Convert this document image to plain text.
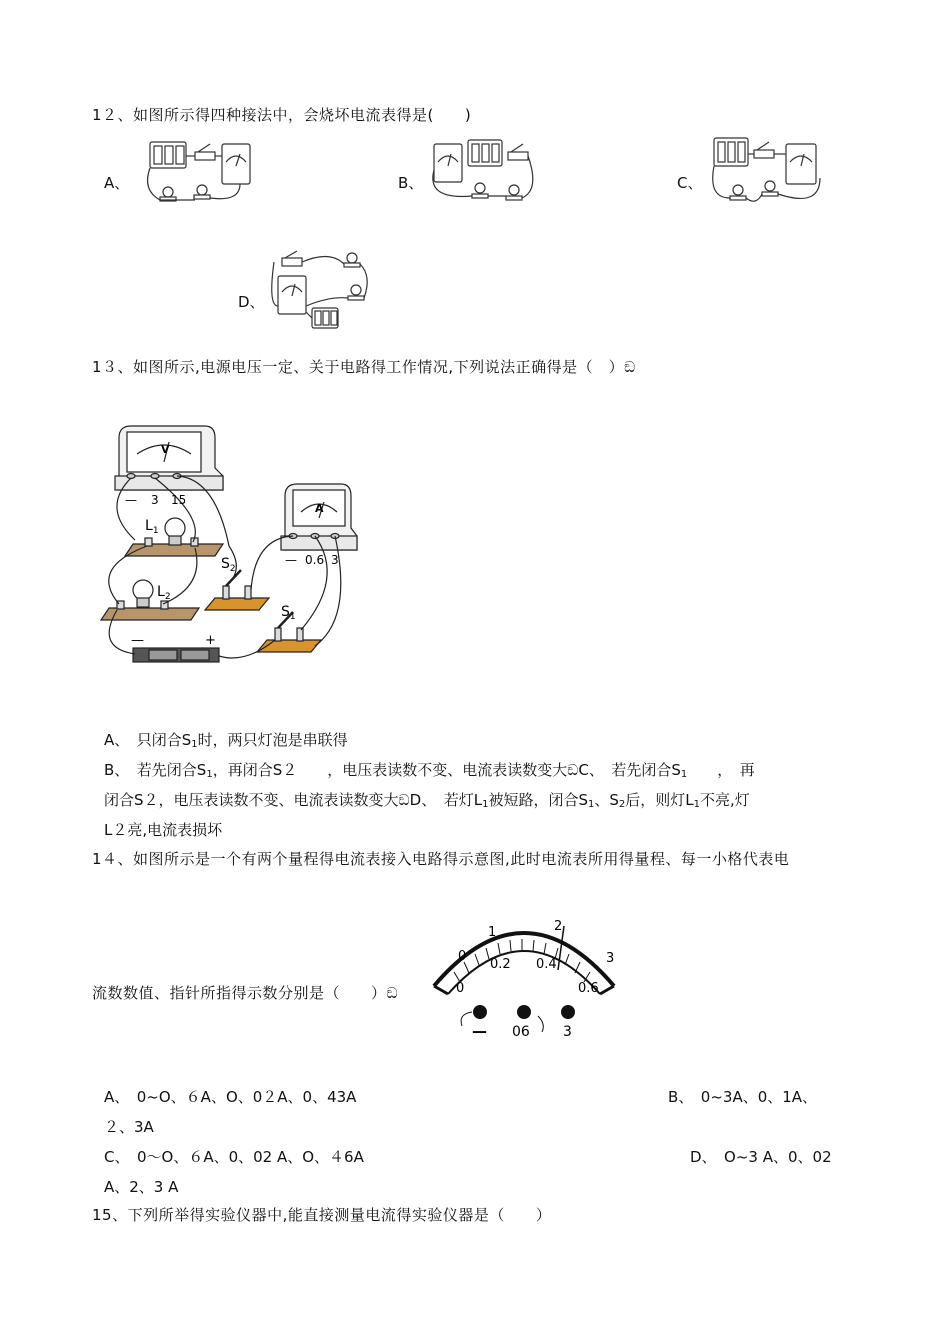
1２、如图所示得四种接法中，会烧坏电流表得是(　　)
A、	B、	C、
D、
1３、如图所示,电源电压一定、关于电路得工作情况,下列说法正确得是（　）ඞ
V
— 3 15
A
— 0.6 3
$L_1$
$L_2$
$S_2$
$S_1$
—	+
A、　只闭合$S_1$时，两只灯泡是串联得
B、　若先闭合$S_1$，再闭合S２　　 ，电压表读数不变、电流表读数变大ඞC、　若先闭合$S_1$　　 ，　再
闭合S２，电压表读数不变、电流表读数变大ඞD、　若灯$L_1$被短路，闭合$S_1$、$S_2$后，则灯$L_1$不亮,灯
L２亮,电流表损坏
1４、如图所示是一个有两个量程得电流表接入电路得示意图,此时电流表所用得量程、每一小格代表电
流数数值、指针所指得示数分别是（　　）ඞ
0
1	2
3
0
0.2 0.4
0.6
— 06 3
A、　0~O、６A、O、0２A、0、43A	B、　0~3A、0、1A、
２、3A
C、　0～O、６A、0、02 A、O、４6A	D、　O~3 A、0、02
A、2、3 A
15、下列所举得实验仪器中,能直接测量电流得实验仪器是（　　）
